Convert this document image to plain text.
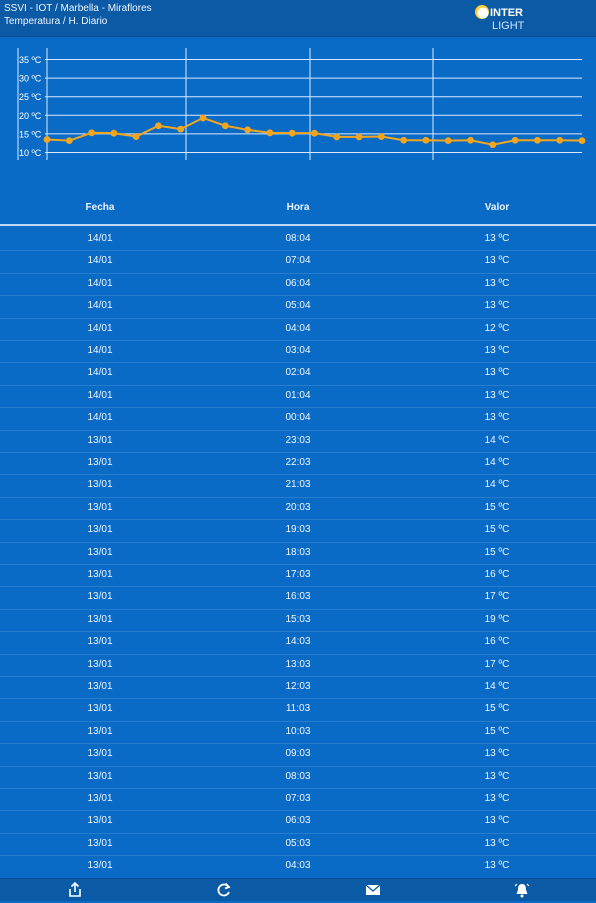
SSVI - IOT / Marbella - Miraflores
Temperatura / H. Diario
INTER
LIGHT
10 ºC
15 ºC
20 ºC
25 ºC
30 ºC
35 ºC
Fecha	Hora	Valor
14/01	08:04	13 ºC
14/01	07:04	13 ºC
14/01	06:04	13 ºC
14/01	05:04	13 ºC
14/01	04:04	12 ºC
14/01	03:04	13 ºC
14/01	02:04	13 ºC
14/01	01:04	13 ºC
14/01	00:04	13 ºC
13/01	23:03	14 ºC
13/01	22:03	14 ºC
13/01	21:03	14 ºC
13/01	20:03	15 ºC
13/01	19:03	15 ºC
13/01	18:03	15 ºC
13/01	17:03	16 ºC
13/01	16:03	17 ºC
13/01	15:03	19 ºC
13/01	14:03	16 ºC
13/01	13:03	17 ºC
13/01	12:03	14 ºC
13/01	11:03	15 ºC
13/01	10:03	15 ºC
13/01	09:03	13 ºC
13/01	08:03	13 ºC
13/01	07:03	13 ºC
13/01	06:03	13 ºC
13/01	05:03	13 ºC
13/01	04:03	13 ºC
